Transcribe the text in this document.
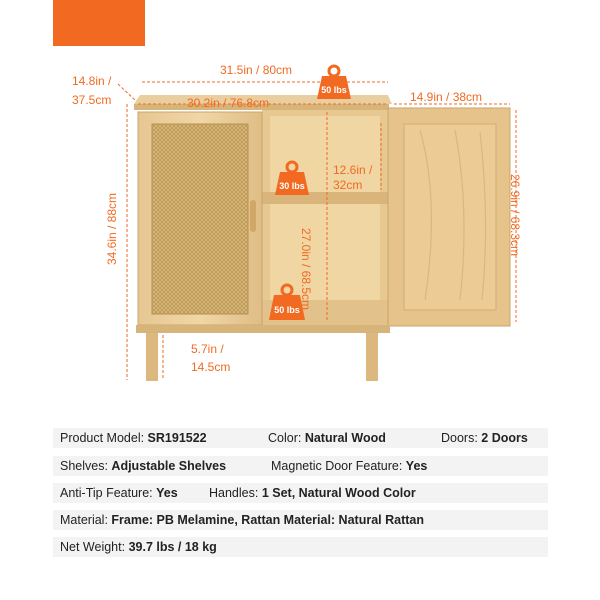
50 lbs
30 lbs
50 lbs
14.8in /
37.5cm
31.5in / 80cm
30.2in / 76.8cm	14.9in / 38cm
34.6in / 88cm
12.6in /
32cm
27.0in / 68.5cm
26.9in / 68.3cm
5.7in /
14.5cm
Product Model: SR191522	Color: Natural Wood	Doors: 2 Doors
Shelves: Adjustable Shelves	Magnetic Door Feature: Yes
Anti-Tip Feature: Yes	Handles: 1 Set, Natural Wood Color
Material: Frame: PB Melamine, Rattan Material: Natural Rattan
Net Weight: 39.7 lbs / 18 kg
